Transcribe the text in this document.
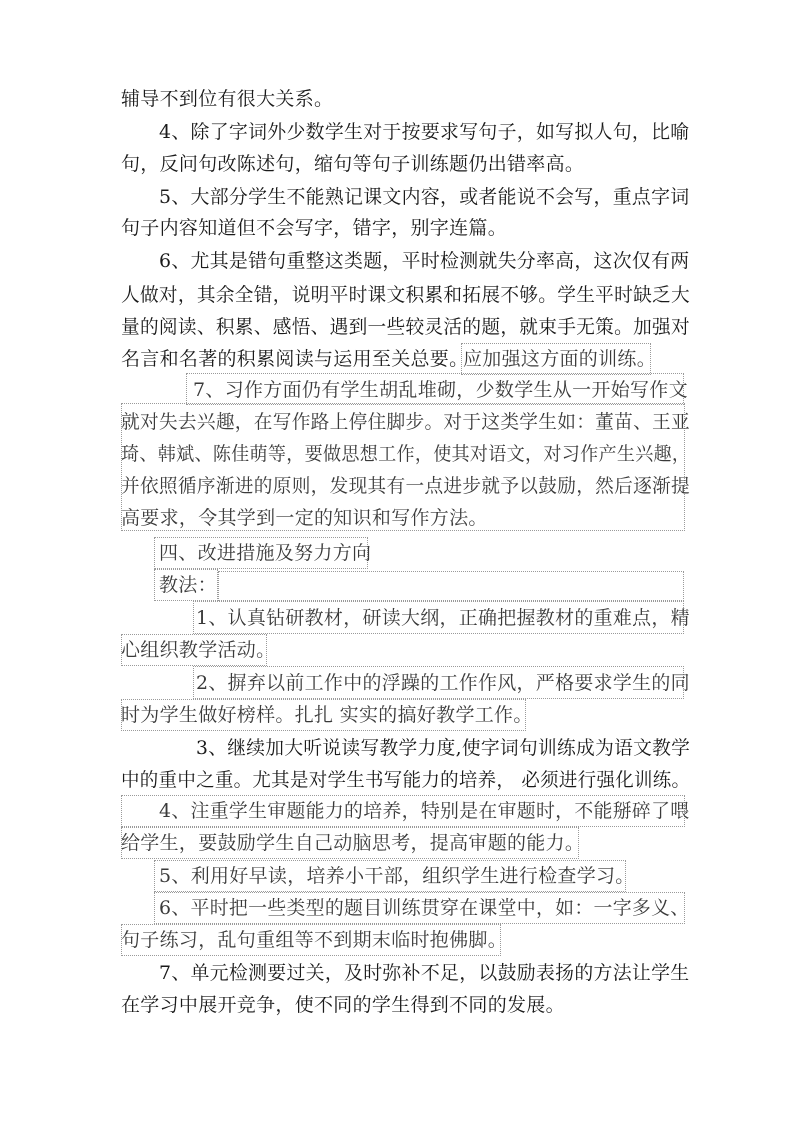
辅导不到位有很大关系。
4、除了字词外少数学生对于按要求写句子，如写拟人句，比喻
句，反问句改陈述句，缩句等句子训练题仍出错率高。
5、大部分学生不能熟记课文内容，或者能说不会写，重点字词
句子内容知道但不会写字，错字，别字连篇。
6、尤其是错句重整这类题，平时检测就失分率高，这次仅有两
人做对，其余全错，说明平时课文积累和拓展不够。学生平时缺乏大
量的阅读、积累、感悟、遇到一些较灵活的题，就束手无策。加强对
名言和名著的积累阅读与运用至关总要。
应加强这方面的训练。
7、习作方面仍有学生胡乱堆砌，少数学生从一开始写作文
就对失去兴趣，在写作路上停住脚步。对于这类学生如：董苗、王亚
琦、韩斌、陈佳萌等，要做思想工作，使其对语文，对习作产生兴趣，
并依照循序渐进的原则，发现其有一点进步就予以鼓励，然后逐渐提
高要求，令其学到一定的知识和写作方法。
四、改进措施及努力方向
教法：
1、认真钻研教材，研读大纲，正确把握教材的重难点，精
心组织教学活动。
2、摒弃以前工作中的浮躁的工作作风，严格要求学生的同
时为学生做好榜样。扎扎 实实的搞好教学工作。
3、继续加大听说读写教学力度,使字词句训练成为语文教学
中的重中之重。尤其是对学生书写能力的培养， 必须进行强化训练。
4、注重学生审题能力的培养，特别是在审题时，不能掰碎了喂
给学生，要鼓励学生自己动脑思考，提高审题的能力。
5、利用好早读，培养小干部，组织学生进行检查学习。
6、平时把一些类型的题目训练贯穿在课堂中，如：一字多义、
句子练习，乱句重组等不到期末临时抱佛脚。
7、单元检测要过关，及时弥补不足，以鼓励表扬的方法让学生
在学习中展开竞争，使不同的学生得到不同的发展。
